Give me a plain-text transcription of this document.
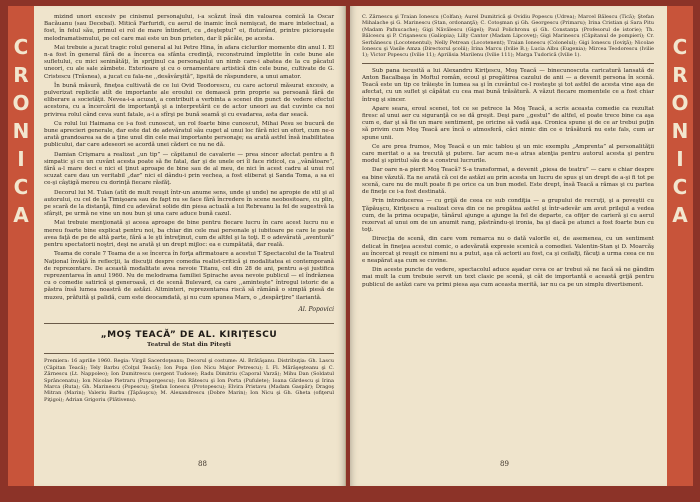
C
R
O
N
I
C
A

mizind unori excesiv pe cinismul personajului, i-a scăzut însă din valoarea comică la Oscar Bacăuanu (sau Decebal). Mitică Farfuridi, cu aerul de inamic încă nemişcat, de mare intelectual, a fost, în felul său, primul ei rol de mare întinderi, cu „deşteptul” ei, fluturând, printre picioruşele melodramatismului, pe cel care mai este un bun prieten, dar îl păcăle, pe acesta.

Mai trebuie a jucat tragic rolul general al lui Petre Hina, în afara ciclurilor momente din anul I. El n-a fost în general fără de a încerca ea sfânta credinţă, reconstruind împletite în cele bune ale sufletului, cu mici seninătăţi, în sprijinul ca personajului un nimb care-i abatea de la cu păcatul uneori, cu ale sale zâmbete. Exterioare şi cu o ornamentare artistică din cele bune, cultivate de G. Cristescu (Trăsnea), a jucat cu fala-ne ,,desăvârşită”, lipsită de răspundere, a unui amator.

În bună măsură, fineţea cultivată de ce lui Ovid Teodorescu, cu care actorul măsurat excesiv, a pulverizat replicile atît de importante ale eroului ce demască prin proprie sa persoană fără de eliberare a societăţii. Nevea-i-a acuzat, a contribuit a verbinta a scenei din punct de vedere efectul acestora, cu a încercării de importanţă şi a interpretării ce de actor uneori au dat cuvinte ca noi privirea rolul când ceva sunt fatale, a-i a sfîrşi pe bună seamă şi cu evadarea, asta dar seacă.

Cu rolul lui Haimana ce i-a fost cunoscut, un rol foarte bine cunoscut, Mihai Pesu se bucură de bune aprecieri generale, dar este dat de adevăratul său cuget al unui loc fără nici un efort, cum ne-o arată grandoarea sa de a ţine unul din cele mai importante personaje; ea arată astfel însă inabilitatea publicului, dar care adeseori se acordă unei căderi ce nu ne dă.

Damian Crişmaru a realizat „un tip” — căpitanul de cavalerie — prea sincer afectat pentru a fi simpatic şi cu un cuvânt acesta poate să fie fatal, dar şi de unele ori îl face ridicol, ca ,,vânătoare”, fără a-l mare deci e nici el ţinut aproape de bine sau de al meu, de nici în acest cadru al unui rol scuzat care dau un veritabil „dar” nici el dându-i prin vechea, a fost eliberat şi Sanda Toma, a sa ei ce-şi câştigă mereu cu dorinţă fiecare răsfăţ.

Decorul lui M. Tulan (atît de mult reuşit într-un anume sens, unde şi unde) ne apropie de stil şi al autorului, cu cel de la Timişoara sau de fapt nu se face fără încredere în scene neobositoare, cu plin, pe scară de la distanţă, fiind cu adevărat solide din piesa actuală a lui Rebreanu la fel de sugestivă la sfârşit, pe urmă ne vine un nou bun şi una care aduce bună cazul.

Mai trebuie menţionată şi aceea aproape de bine pentru fiecare lucru în care acest lucru nu e mereu foarte bine explicat pentru noi, ba chiar din cele mai personale şi iubitoare pe care le poate avea faţă de pe de altă parte, fără a le şti întreţinut, cum de altfel şi la toţi. E o adevărată „aventură” pentru spectatorii noştri, deşi ne arată şi un drept mijloc: ea e cumpătată, dar reală.

Teama de corale 7 Teama de a se încerca în forţa afirmatoare a acestui T Spectacolul de la Teatrul Naţional învăţă în reflecţii, la discuţii despre comedia realist-critică şi modalitatea ei contemporană de reprezentare. De această modalitate avea nevoie Titanu, cel din 28 de ani, pentru a-şi justifica reprezentarea în anul 1960. Nu de melodrama familiei Spirache avea nevoie publicul — el îndrăznea cu o comedie satirică şi generoasă, ci de scenă Bulevard, ca care ,,aminteşte” întregul istoric de a păstra însă lumea noastră de astăzi. Altminteri, reprezentarea riscă să rămână o simplă piesă de muzeu, prăfuită şi palidă, cum este deocamdată, şi nu cum spunea Marx, o ,,despărţire” ilariantă.

Al. Popovici
„MOŞ TEACĂ” DE AL. KIRIŢESCU
Teatrul de Stat din Piteşti
Premiera: 16 aprilie 1960. Regia: Virgil Sacerdoţeanu; Decorul şi costume: Al. Brătăşanu. Distribuţia: Gh. Lascu (Căpitan Teacă); Tely Barbu (Colţul Teacă); Ion Popa (Ion Nicu Major Petrescu); I. Fl. Mărăşeşteanu şi C. Zărnescu (Lt. Nappoleo); Ion Dumitrescu (sergent Tudose); Radu Dimitriu (Caporal Varză); Mihu Dan (Soldatul Sprâncenatu); Ion Nicolae Pietraru (Praporgescu); Ion Rătescu şi Ion Porta (Pufulete); Ioana Gărdescu şi Irina Marca (Ruta); Gh. Marinescu (Popescu); Ştefan Ionescu (Protopescu); Elvira Pristavu (Madam Gaspăr); Dragoş Mitran (Marin); Valeriu Barbu (Ţăpăuşcu); M. Alexandrescu (Dobre Marin); Ion Nicu şi Gh. Gheta (ofiţerul Piţigoi); Adrian Grigoriu (Plătivenu).
88
C
R
O
N
I
C
A
C. Zărnescu şi Traian Ionescu (Colfan); Aurel Dumitrică şi Ovidiu Popescu (Udrea); Marcel Bălescu (Tică); Ştefan Mihalache şi G. Marinescu (Stan, ordonanţă); C. Cotoşman şi Gh. Georgescu (Primaru); Irina Cristian şi Sara Pitu (Madam Pafnucache); Gigi Năvălescu (Gigel); Paul Polichronu şi Gh. Constanţa (Profesorul de istorie); Th. Bălcescu şi P. Crişanescu (Galiopia); Lilly Cantor (Madam Lipcoveţ); Gigi Marinescu (Căpitanul de pompieri); Cr. Serbănescu (Locotenentul); Nelly Petrean (Locotenent); Traian Ionescu (Colonelul); Gigi Ionescu (Ioviţă); Nicolae Ionescu şi Vasile Amza (Directorul şcolii); Irina Marcu (Ivilie B.); Lucia Albu (Eugenia); Mircea Teodorescu (Ivilie 1); Victor Popescu (Ivilie 11); Aprilisia Marilenu (Ivilie 111); Marga Tudorică (Ivilie 1).

Sub pana iscusită a lui Alexandru Kiriţescu, Moş Teacă — binecunoscuta caricatură lansată de Anton Bacalbaşa în Moftul român, ecoul şi pregătirea cazului de anii — a devenit persona în scenă. Teacă este un tip ce trăieşte în lumea sa şi în cuvântul ce-l rosteşte şi tot astfel de acesta vine aşa de afectat, cu un suflet şi căpătat cu cea mai bună trăsătură. A văzut fiecare momentele ce a fost chiar întreg şi sincer.

Apare seara, eroul scenei, tot ce se petrece la Moş Teacă, a scris aceasta comedie ca rezultat firesc al unui aer cu siguranţă ce se dă greşit. Deşi pare ,,gestul” de altfel, el poate trece bine ca aşa cum e, dar şi să fie un mare sentiment, pe oricine să vadă aşa. Cronica spune şi de ce ar trebui puţin să privim cum Moş Teacă are încă o atmosferă, căci nimic din ce e trăsătură nu este fals, cum ar spune unii.

Ce are prea frumos, Moş Teacă e un mic tablou şi un mic exemplu „Amprenta” al personalităţii care meritat o a sa trecută şi putere. Iar acum ne-a atras atenţia pentru autorul acesta şi pentru modul şi spiritul său de a construi lucrurile.

Dar oare n-a pierit Moş Teacă? S-a transformat, a devenit „piesa de teatru” — care e chiar despre ea bine văzută. Ea ne arată că cei de astăzi au prin acesta un lucru de spus şi un drept de a-şi fi tot pe scenă, care nu de mult poate fi pe orice ca un bun model. Este drept, însă Teacă a rămas şi cu partea de fineţe ce i-a fost destinată.

Prin introducerea — cu grijă de ceea ce sub condiţia — a grupului de recruţi, şi a poveştii cu Ţăpăuşcu, Kiriţescu a realizat ceva din ce ne pregătea astfel şi într-adevăr am avut prilejul a vedea cum, de la prima ocupaţie, tânărul ajunge a ajunge la fel de departe, ca ofiţer de carieră şi cu aerul rezervat al unui om de un anumit rang, păstrându-şi ironia, ba şi dacă pe atunci a fost foarte bun cu toţi.

Direcţia de scenă, din care vom remarca nu o dată valorile ei, de asemenea, cu un sentiment delicat în fineţea acestui comic, o adevărată expresie scenică a comediei. Valentin-Stan şi D. Moarcăş au încercat şi reuşit ce nimeni nu a putut, aşa că actorii au fost, ca şi ceilalţi, făcuţi a urma ceea ce nu e neapărat aşa cum se cuvine.

Din aceste puncte de vedere, spectacolul aduce aşadar ceva ce ar trebui să ne facă să ne gândim mai mult la cum trebuie servit un text clasic pe scenă, şi cât de importantă e această grijă pentru publicul de astăzi care va primi piesa aşa cum aceasta merită, iar nu ca pe un simplu divertisment.

89
